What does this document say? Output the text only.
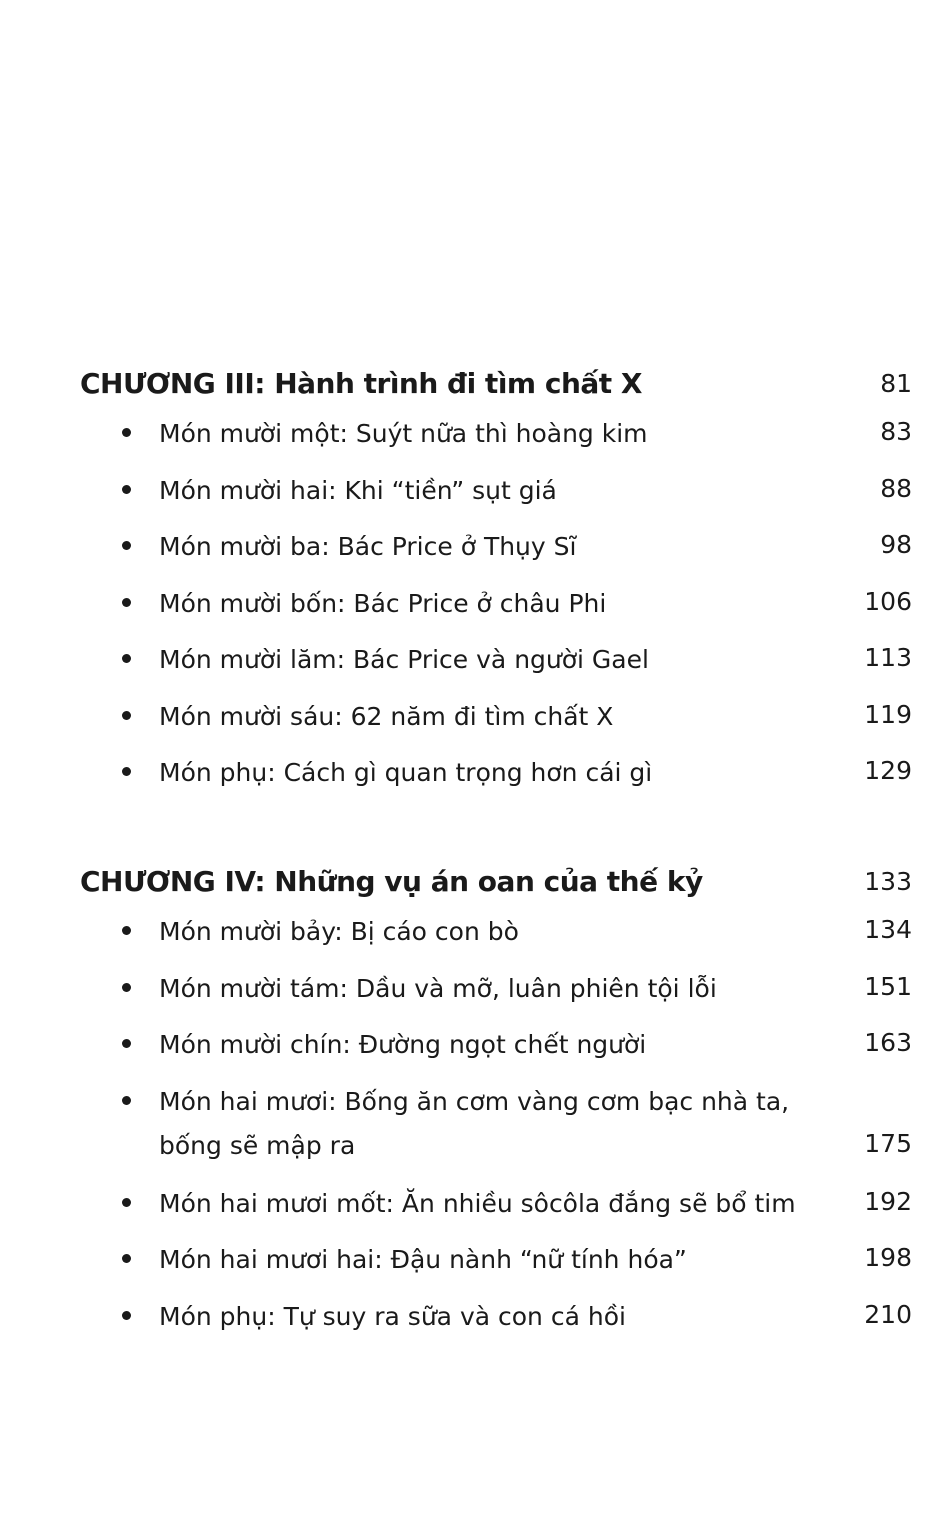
CHƯƠNG III: Hành trình đi tìm chất X	81
Món mười một: Suýt nữa thì hoàng kim	83
Món mười hai: Khi “tiền” sụt giá	88
Món mười ba: Bác Price ở Thụy Sĩ	98
Món mười bốn: Bác Price ở châu Phi	106
Món mười lăm: Bác Price và người Gael	113
Món mười sáu: 62 năm đi tìm chất X	119
Món phụ: Cách gì quan trọng hơn cái gì	129
CHƯƠNG IV: Những vụ án oan của thế kỷ	133
Món mười bảy: Bị cáo con bò	134
Món mười tám: Dầu và mỡ, luân phiên tội lỗi	151
Món mười chín: Đường ngọt chết người	163
Món hai mươi: Bống ăn cơm vàng cơm bạc nhà ta, bống sẽ mập ra	175
Món hai mươi mốt: Ăn nhiều sôcôla đắng sẽ bổ tim	192
Món hai mươi hai: Đậu nành “nữ tính hóa”	198
Món phụ: Tự suy ra sữa và con cá hồi	210
